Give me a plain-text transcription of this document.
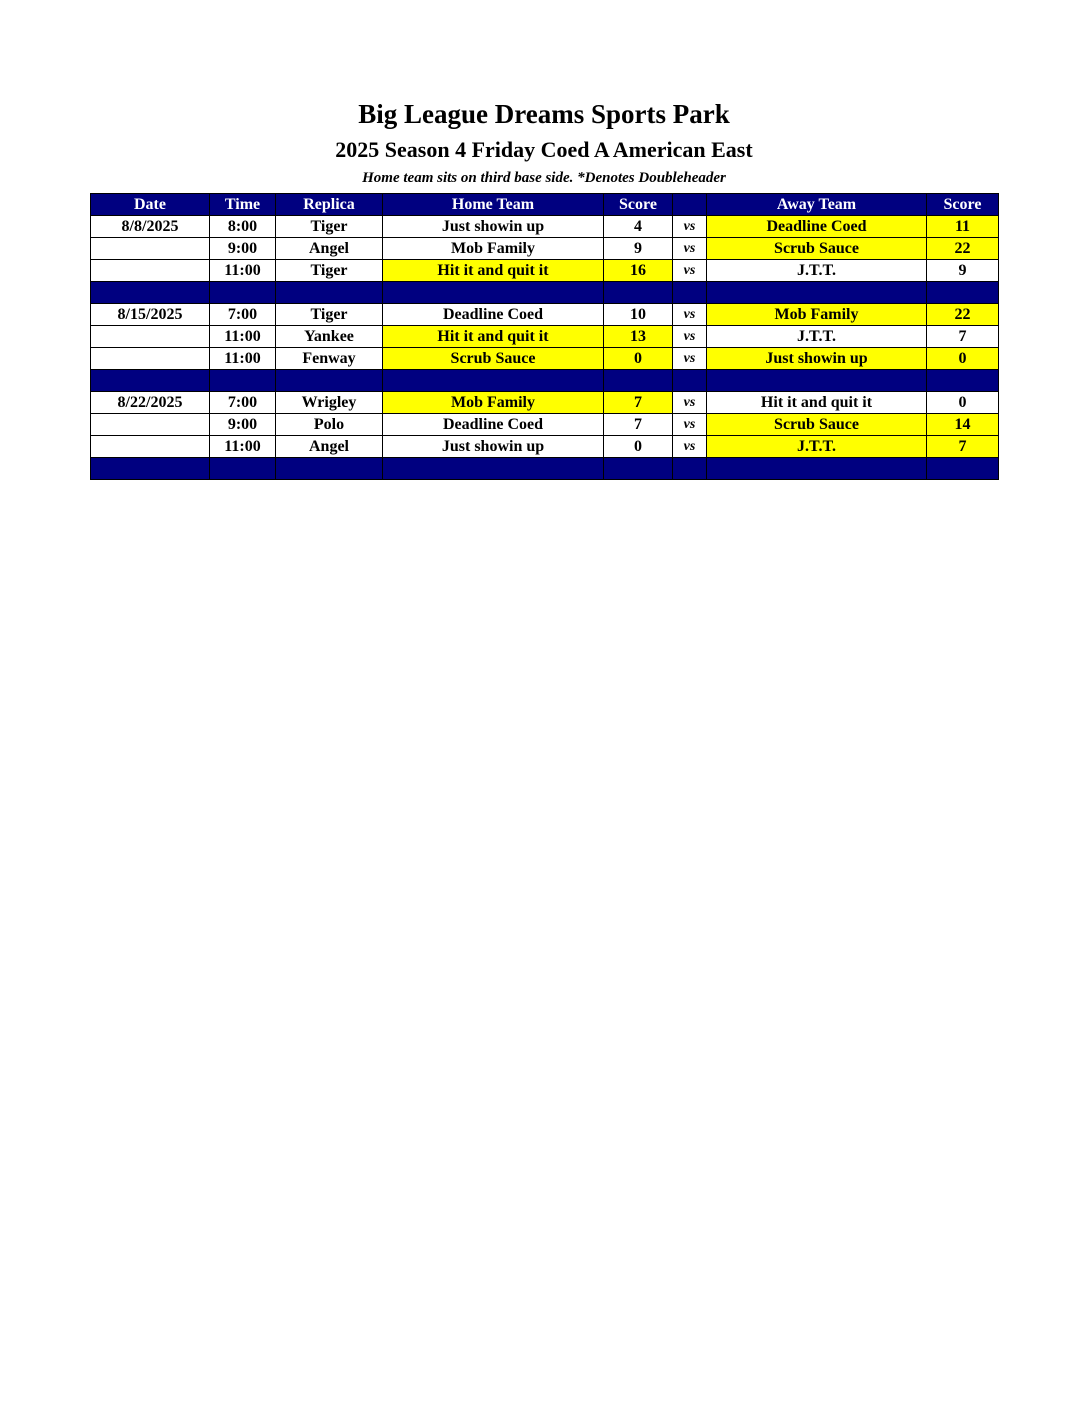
Big League Dreams Sports Park
2025 Season 4 Friday Coed A American East
Home team sits on third base side. *Denotes Doubleheader
Date	Time	Replica	Home Team	Score		Away Team	Score
8/8/2025	8:00	Tiger	Just showin up	4	vs	Deadline Coed	11
	9:00	Angel	Mob Family	9	vs	Scrub Sauce	22
	11:00	Tiger	Hit it and quit it	16	vs	J.T.T.	9

8/15/2025	7:00	Tiger	Deadline Coed	10	vs	Mob Family	22
	11:00	Yankee	Hit it and quit it	13	vs	J.T.T.	7
	11:00	Fenway	Scrub Sauce	0	vs	Just showin up	0

8/22/2025	7:00	Wrigley	Mob Family	7	vs	Hit it and quit it	0
	9:00	Polo	Deadline Coed	7	vs	Scrub Sauce	14
	11:00	Angel	Just showin up	0	vs	J.T.T.	7
